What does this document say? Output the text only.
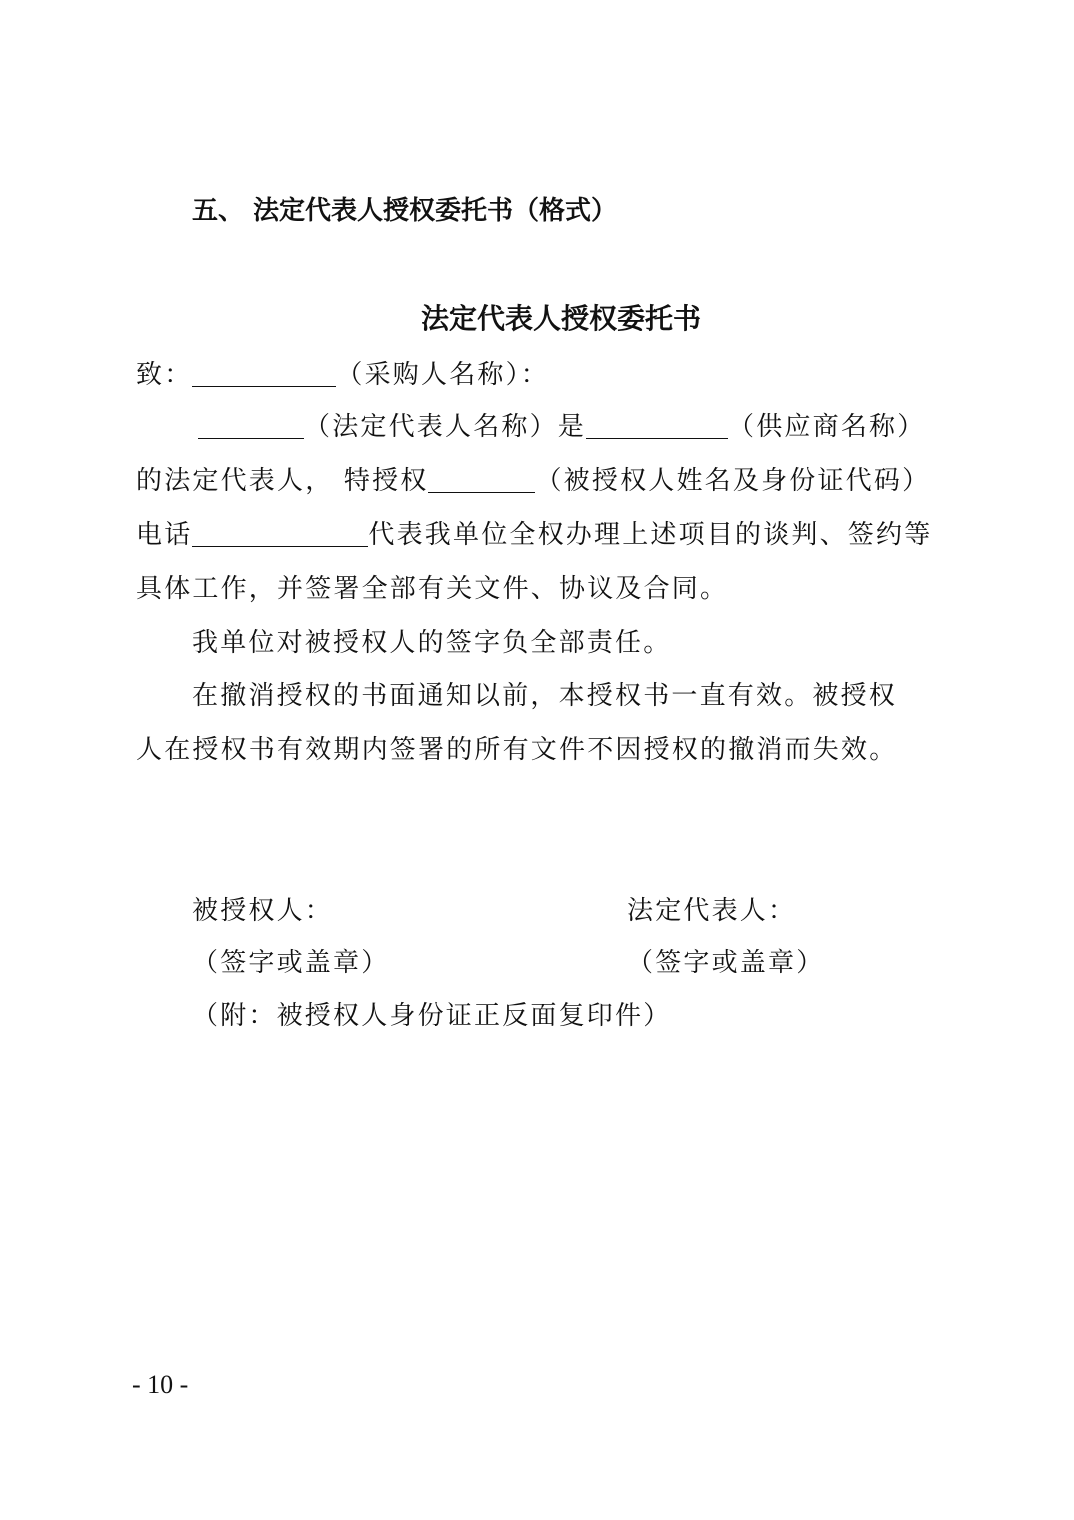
五、 法定代表人授权委托书（格式）
法定代表人授权委托书
致：	（采购人名称）：
（法定代表人名称）是	（供应商名称）
的法定代表人， 特授权	（被授权人姓名及身份证代码）
电话	代表我单位全权办理上述项目的谈判、签约等
具体工作，并签署全部有关文件、协议及合同。
我单位对被授权人的签字负全部责任。
在撤消授权的书面通知以前，本授权书一直有效。被授权
人在授权书有效期内签署的所有文件不因授权的撤消而失效。
被授权人：	法定代表人：
（签字或盖章）	（签字或盖章）
（附：被授权人身份证正反面复印件）
- 10 -
